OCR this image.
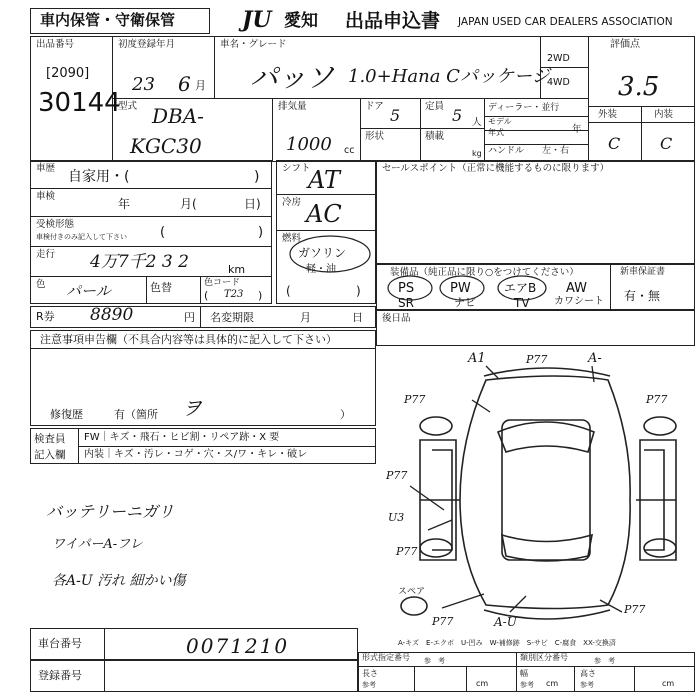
車内保管・守衛保管	JU 愛知 出品申込書 JAPAN USED CAR DEALERS ASSOCIATION
出品番号
[2090]
30144
初度登録年月
23 6 月
型式 DBA-
KGC30
車名・グレード
パッソ 1.0+Hana Cパッケージ
2WD
4WD
排気量
1000 cc
ドア 5	定員 5 人
形状	積載
kg
ディーラー・並行
モデル
年式	年
ハンドル 左・右
評価点
3.5
外装	内装
C C
車歴
自家用・(	)
車検
年	月(	日)
受検形態
車検付きのみ記入して下さい	(	)
走行 4万7千2 3 2	km
色 パール	色替	色コード
( T23 )
シフト
AT
冷房 AC
燃料
ガソリン
軽・油
(	)
セールスポイント（正常に機能するものに限ります）
装備品（純正品に限り○をつけてください）
PS	PW	エアB AW
SR	ナビ	TV カワシート
新車保証書
有・無
R券 8890	円 名変期限	月	日 後日品
注意事項申告欄（不具合内容等は具体的に記入して下さい）
修復歴	有（箇所 ヲ	）
検査員
記入欄
FW｜キズ・飛石・ヒビ割・リペア跡・X 要
内装｜キズ・汚レ・コゲ・穴・ス/ワ・キレ・破レ
バッテリーニガリ
ワイパーA-フレ
各A-U 汚れ 細かい傷
車台番号	0071210
登録番号
形式指定番号 参　考	類別区分番号	参　考
長さ
参考	cm
幅
参考 cm
高さ
参考	cm
A-キズ　E-エクボ　U-凹み　W-補修跡　S-サビ　C-腐食　XX-交換済
A1	P77	A-
P77	P77
P77
U3
P77
スペア
P77	A-U
P77
